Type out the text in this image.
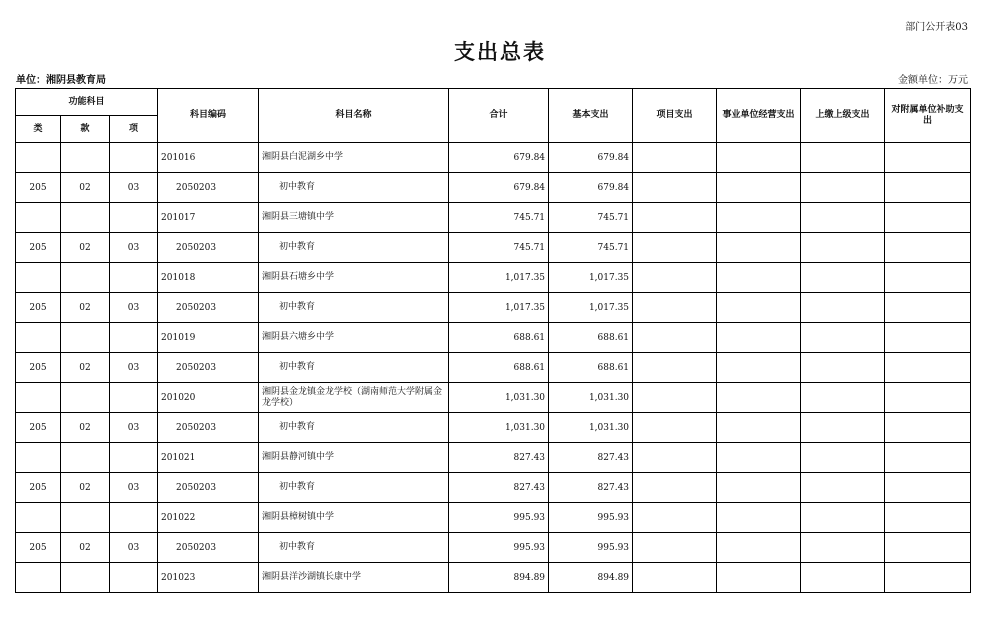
部门公开表03
支出总表
单位：湘阴县教育局	金额单位：万元
功能科目			科目编码	科目名称	合计	基本支出	项目支出	事业单位经营支出	上缴上级支出	对附属单位补助支出
类	款	项								
			201016	湘阴县白泥湖乡中学	679.84	679.84				
205	02	03	2050203	初中教育	679.84	679.84				
			201017	湘阴县三塘镇中学	745.71	745.71				
205	02	03	2050203	初中教育	745.71	745.71				
			201018	湘阴县石塘乡中学	1,017.35	1,017.35				
205	02	03	2050203	初中教育	1,017.35	1,017.35				
			201019	湘阴县六塘乡中学	688.61	688.61				
205	02	03	2050203	初中教育	688.61	688.61				
			201020	湘阴县金龙镇金龙学校（湖南师范大学附属金龙学校）	1,031.30	1,031.30				
205	02	03	2050203	初中教育	1,031.30	1,031.30				
			201021	湘阴县静河镇中学	827.43	827.43				
205	02	03	2050203	初中教育	827.43	827.43				
			201022	湘阴县樟树镇中学	995.93	995.93				
205	02	03	2050203	初中教育	995.93	995.93				
			201023	湘阴县洋沙湖镇长康中学	894.89	894.89				
